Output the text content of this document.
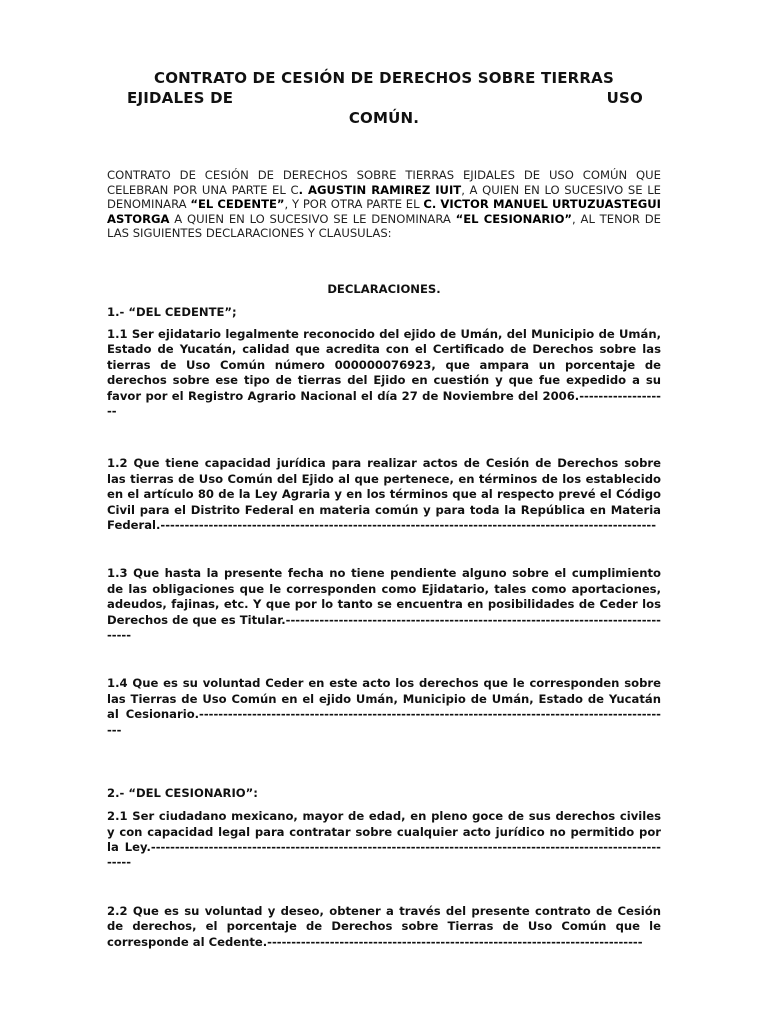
CONTRATO DE CESIÓN DE DERECHOS SOBRE TIERRAS
EJIDALES DE	USO
COMÚN.

CONTRATO DE CESIÓN DE DERECHOS SOBRE TIERRAS EJIDALES DE USO COMÚN QUE CELEBRAN POR UNA PARTE EL C. AGUSTIN RAMIREZ IUIT, A QUIEN EN LO SUCESIVO SE LE DENOMINARA “EL CEDENTE”, Y POR OTRA PARTE EL C. VICTOR MANUEL URTUZUASTEGUI ASTORGA A QUIEN EN LO SUCESIVO SE LE DENOMINARA “EL CESIONARIO”, AL TENOR DE LAS SIGUIENTES DECLARACIONES Y CLAUSULAS:

DECLARACIONES.

1.- “DEL CEDENTE”;

1.1 Ser ejidatario legalmente reconocido del ejido de Umán, del Municipio de Umán, Estado de Yucatán, calidad que acredita con el Certificado de Derechos sobre las tierras de Uso Común número 000000076923, que ampara un porcentaje de derechos sobre ese tipo de tierras del Ejido en cuestión y que fue expedido a su favor por el Registro Agrario Nacional el día 27 de Noviembre del 2006.-------------------

1.2 Que tiene capacidad jurídica para realizar actos de Cesión de Derechos sobre las tierras de Uso Común del Ejido al que pertenece, en términos de los establecido en el artículo 80 de la Ley Agraria y en los términos que al respecto prevé el Código Civil para el Distrito Federal en materia común y para toda la República en Materia Federal.-------------------------------------------------------------------------------------------------------

1.3 Que hasta la presente fecha no tiene pendiente alguno sobre el cumplimiento de las obligaciones que le corresponden como Ejidatario, tales como aportaciones, adeudos, fajinas, etc. Y que por lo tanto se encuentra en posibilidades de Ceder los Derechos de que es Titular.-----------------------------------------------------------------------------------

1.4 Que es su voluntad Ceder en este acto los derechos que le corresponden sobre las Tierras de Uso Común en el ejido Umán, Municipio de Umán, Estado de Yucatán al Cesionario.---------------------------------------------------------------------------------------------------

2.- “DEL CESIONARIO”:

2.1 Ser ciudadano mexicano, mayor de edad, en pleno goce de sus derechos civiles y con capacidad legal para contratar sobre cualquier acto jurídico no permitido por la Ley.---------------------------------------------------------------------------------------------------------------

2.2 Que es su voluntad y deseo, obtener a través del presente contrato de Cesión de derechos, el porcentaje de Derechos sobre Tierras de Uso Común que le corresponde al Cedente.------------------------------------------------------------------------------
